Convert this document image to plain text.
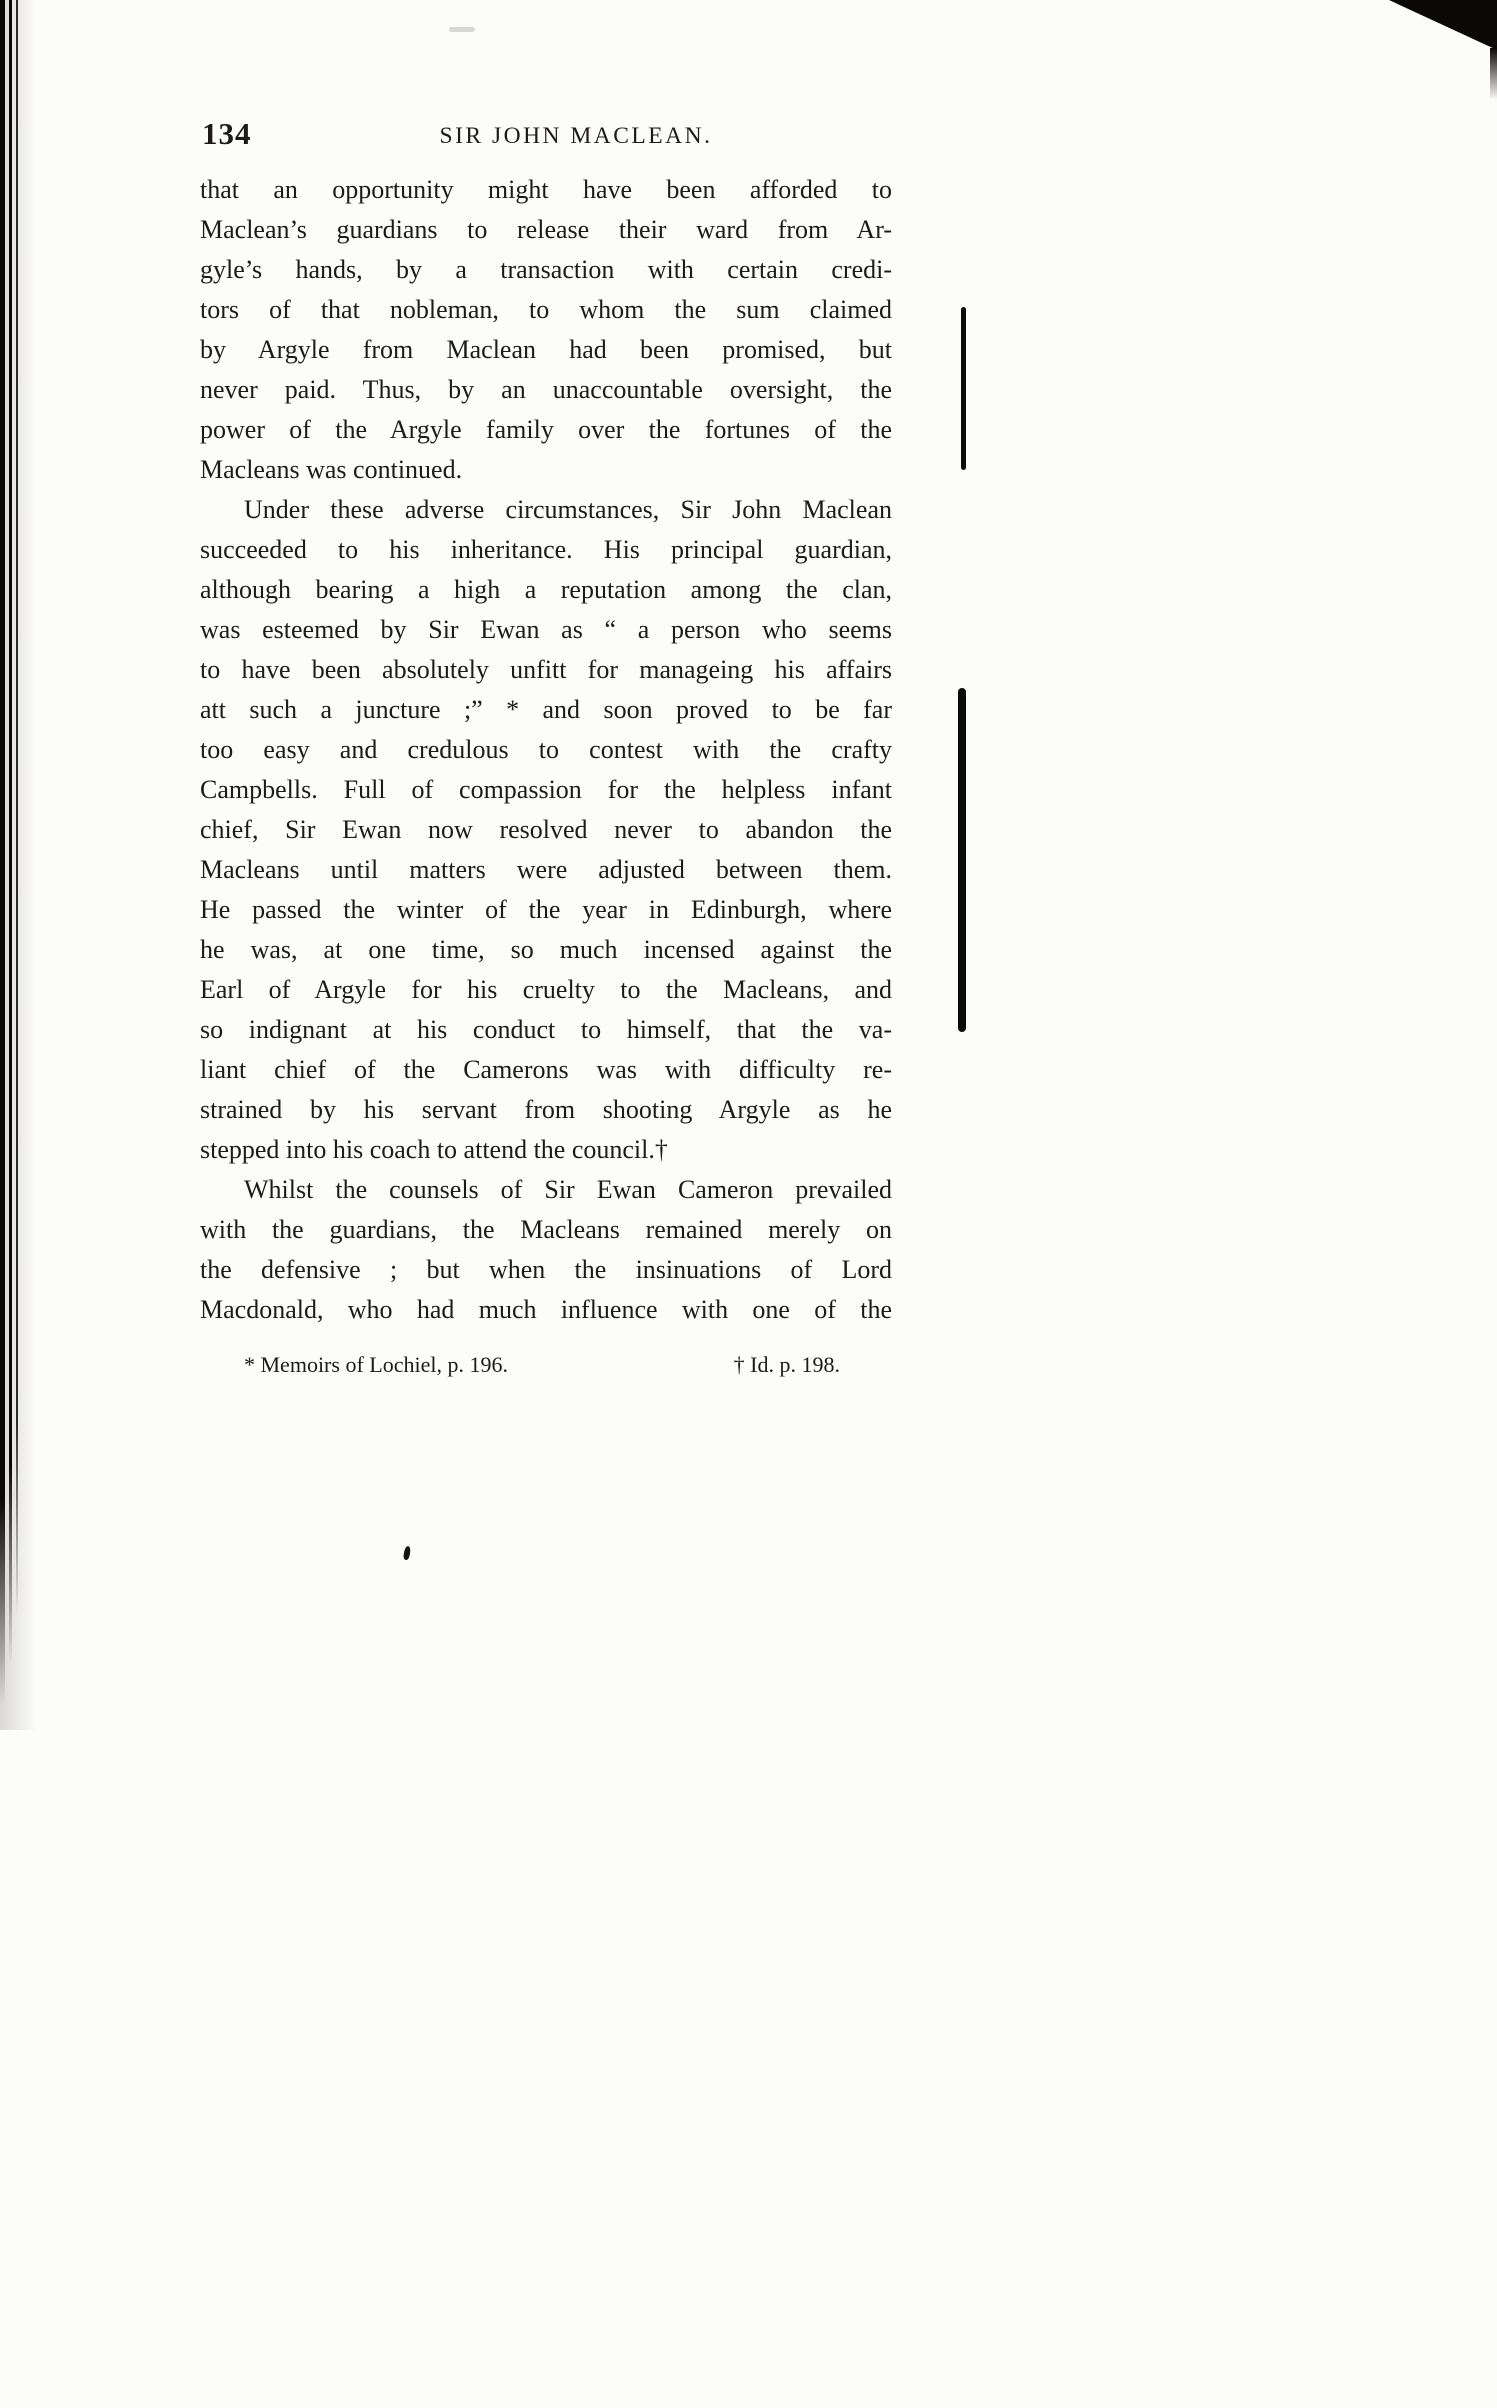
134	SIR JOHN MACLEAN.
that an opportunity might have been afforded to
Maclean’s guardians to release their ward from Ar-
gyle’s hands, by a transaction with certain credi-
tors of that nobleman, to whom the sum claimed
by Argyle from Maclean had been promised, but
never paid. Thus, by an unaccountable oversight, the
power of the Argyle family over the fortunes of the
Macleans was continued.
Under these adverse circumstances, Sir John Maclean
succeeded to his inheritance. His principal guardian,
although bearing a high a reputation among the clan,
was esteemed by Sir Ewan as “ a person who seems
to have been absolutely unfitt for manageing his affairs
att such a juncture ;” * and soon proved to be far
too easy and credulous to contest with the crafty
Campbells. Full of compassion for the helpless infant
chief, Sir Ewan now resolved never to abandon the
Macleans until matters were adjusted between them.
He passed the winter of the year in Edinburgh, where
he was, at one time, so much incensed against the
Earl of Argyle for his cruelty to the Macleans, and
so indignant at his conduct to himself, that the va-
liant chief of the Camerons was with difficulty re-
strained by his servant from shooting Argyle as he
stepped into his coach to attend the council.†
Whilst the counsels of Sir Ewan Cameron prevailed
with the guardians, the Macleans remained merely on
the defensive ; but when the insinuations of Lord
Macdonald, who had much influence with one of the
* Memoirs of Lochiel, p. 196.	† Id. p. 198.
